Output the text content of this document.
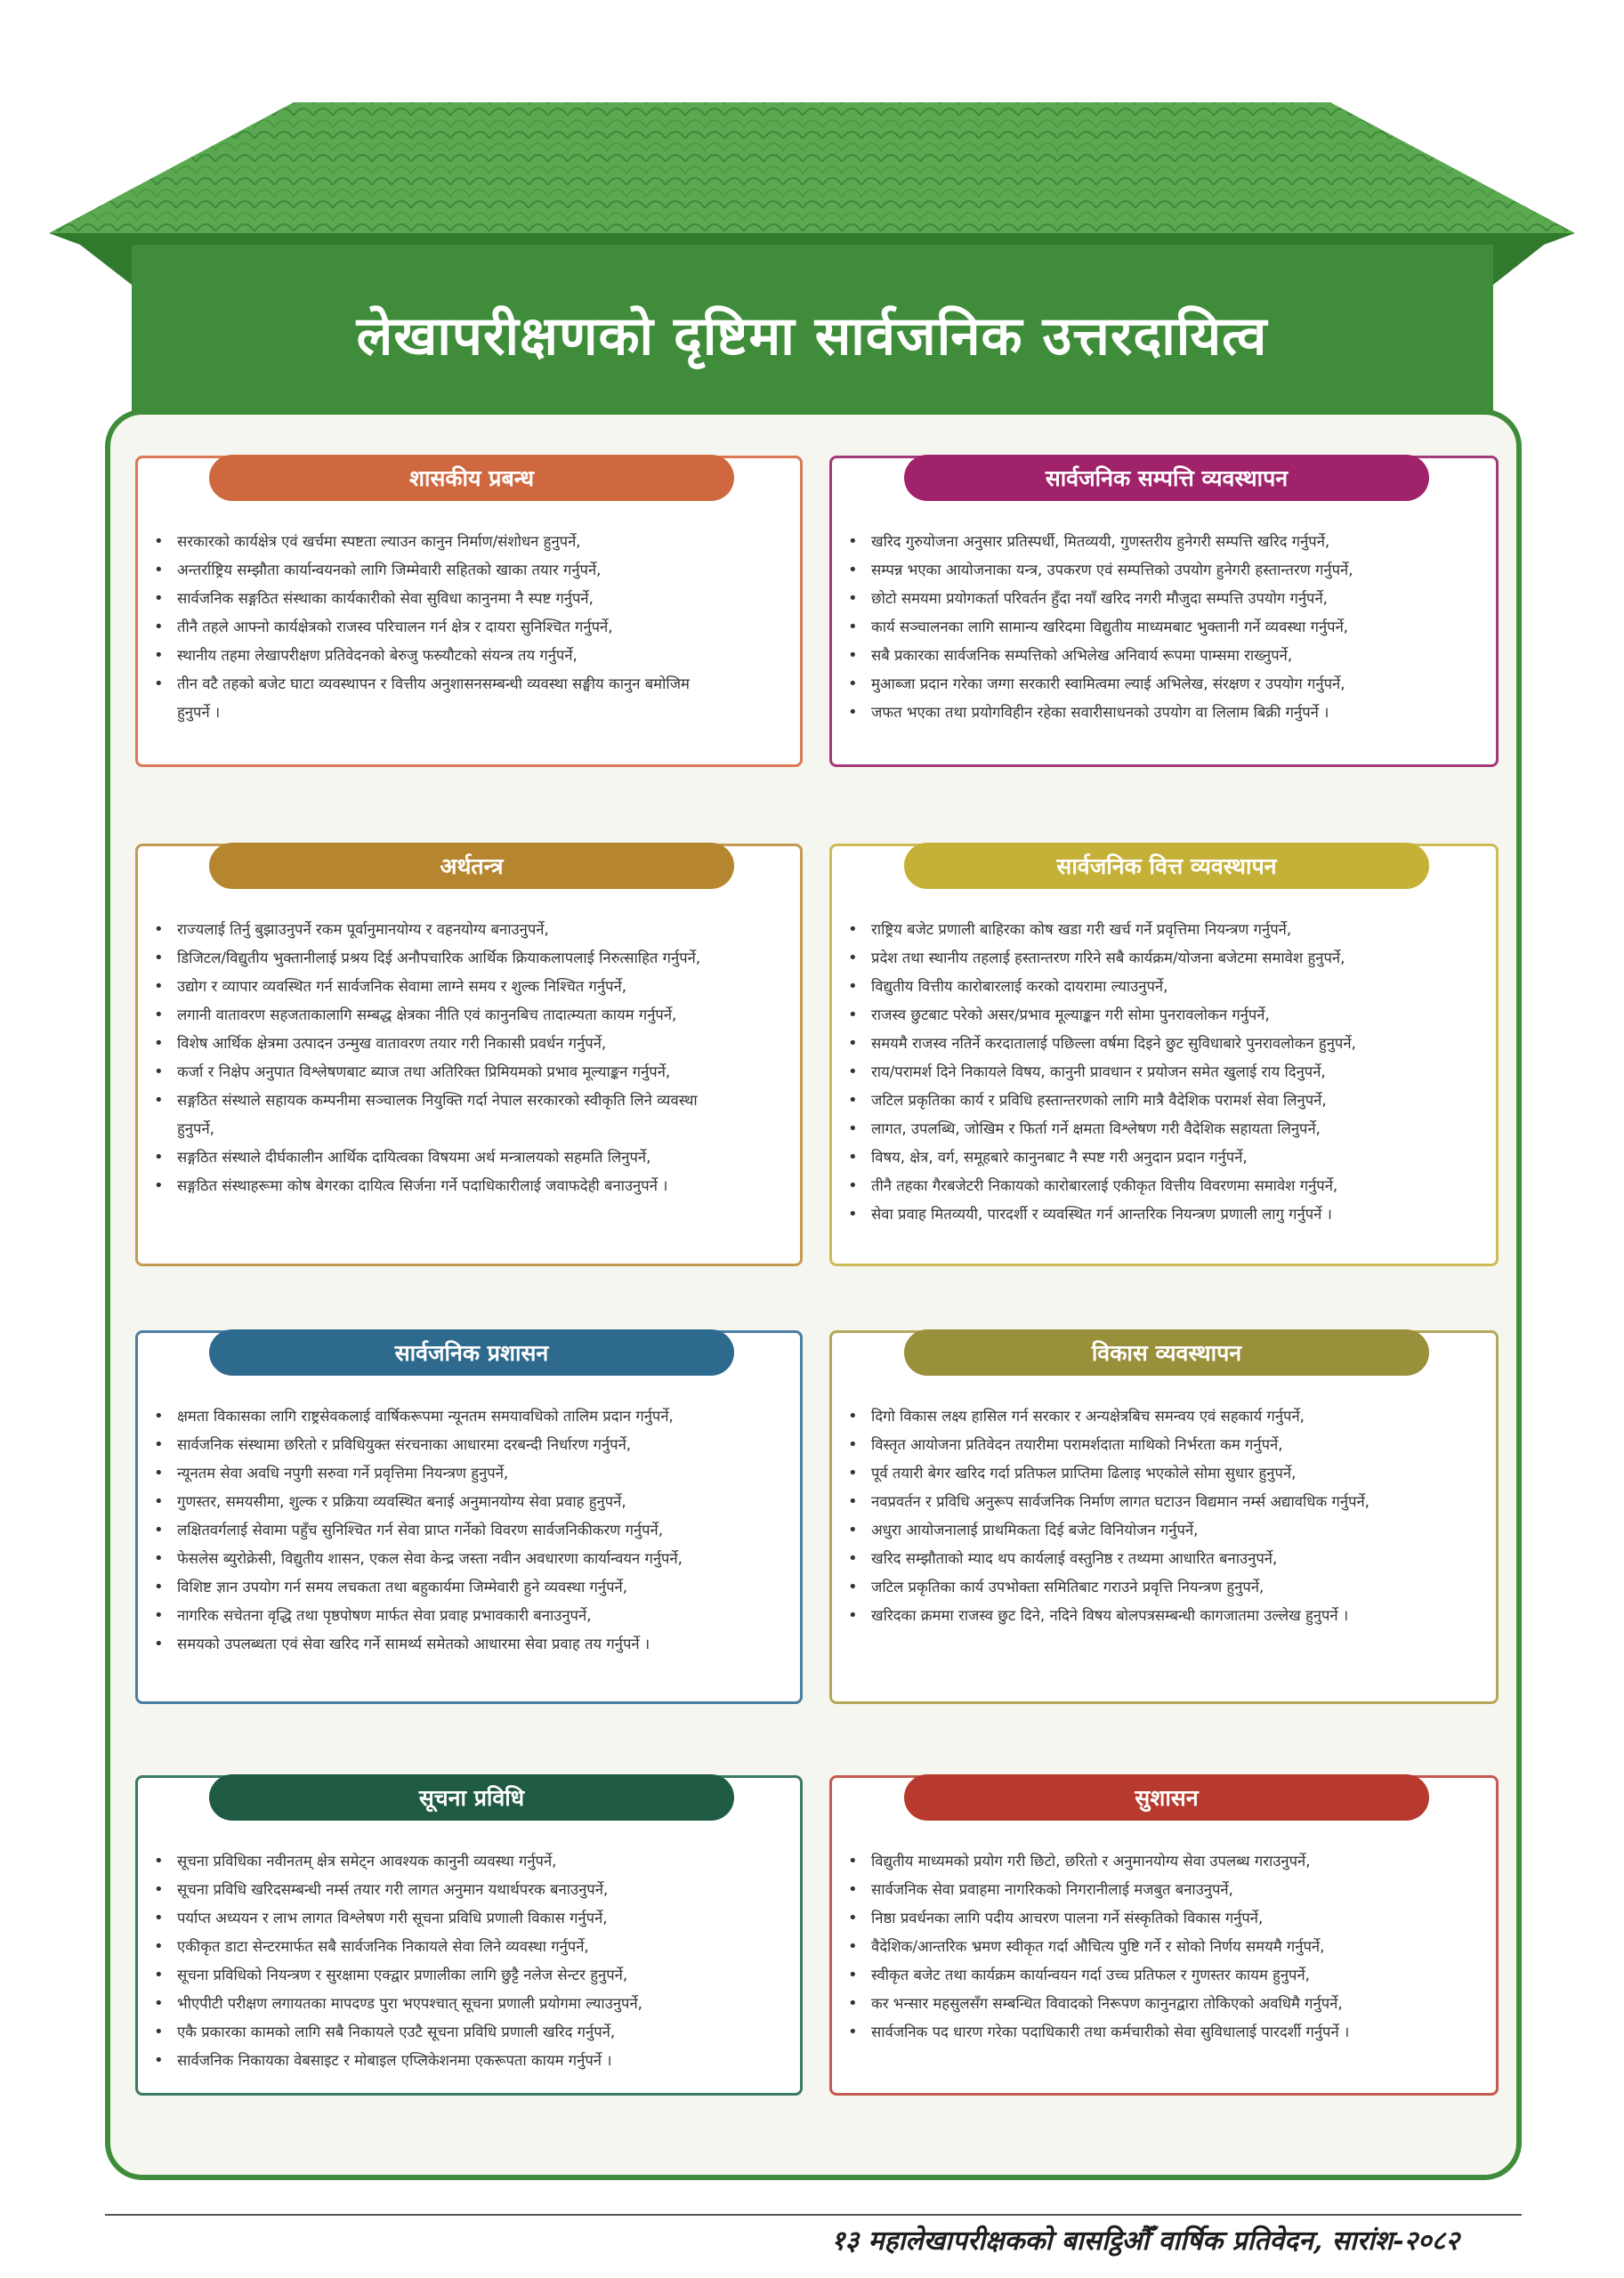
लेखापरीक्षणको दृष्टिमा सार्वजनिक उत्तरदायित्व
शासकीय प्रबन्ध
• सरकारको कार्यक्षेत्र एवं खर्चमा स्पष्टता ल्याउन कानुन निर्माण/संशोधन हुनुपर्ने,
• अन्तर्राष्ट्रिय सम्झौता कार्यान्वयनको लागि जिम्मेवारी सहितको खाका तयार गर्नुपर्ने,
• सार्वजनिक सङ्गठित संस्थाका कार्यकारीको सेवा सुविधा कानुनमा नै स्पष्ट गर्नुपर्ने,
• तीनै तहले आफ्नो कार्यक्षेत्रको राजस्व परिचालन गर्न क्षेत्र र दायरा सुनिश्चित गर्नुपर्ने,
• स्थानीय तहमा लेखापरीक्षण प्रतिवेदनको बेरुजु फस्र्यौटको संयन्त्र तय गर्नुपर्ने,
• तीन वटै तहको बजेट घाटा व्यवस्थापन र वित्तीय अनुशासनसम्बन्धी व्यवस्था सङ्घीय कानुन बमोजिम
हुनुपर्ने ।
सार्वजनिक सम्पत्ति व्यवस्थापन
• खरिद गुरुयोजना अनुसार प्रतिस्पर्धी, मितव्ययी, गुणस्तरीय हुनेगरी सम्पत्ति खरिद गर्नुपर्ने,
• सम्पन्न भएका आयोजनाका यन्त्र, उपकरण एवं सम्पत्तिको उपयोग हुनेगरी हस्तान्तरण गर्नुपर्ने,
• छोटो समयमा प्रयोगकर्ता परिवर्तन हुँदा नयाँ खरिद नगरी मौजुदा सम्पत्ति उपयोग गर्नुपर्ने,
• कार्य सञ्चालनका लागि सामान्य खरिदमा विद्युतीय माध्यमबाट भुक्तानी गर्ने व्यवस्था गर्नुपर्ने,
• सबै प्रकारका सार्वजनिक सम्पत्तिको अभिलेख अनिवार्य रूपमा पाम्समा राख्नुपर्ने,
• मुआब्जा प्रदान गरेका जग्गा सरकारी स्वामित्वमा ल्याई अभिलेख, संरक्षण र उपयोग गर्नुपर्ने,
• जफत भएका तथा प्रयोगविहीन रहेका सवारीसाधनको उपयोग वा लिलाम बिक्री गर्नुपर्ने ।
अर्थतन्त्र
• राज्यलाई तिर्नु बुझाउनुपर्ने रकम पूर्वानुमानयोग्य र वहनयोग्य बनाउनुपर्ने,
• डिजिटल/विद्युतीय भुक्तानीलाई प्रश्रय दिई अनौपचारिक आर्थिक क्रियाकलापलाई निरुत्साहित गर्नुपर्ने,
• उद्योग र व्यापार व्यवस्थित गर्न सार्वजनिक सेवामा लाग्ने समय र शुल्क निश्चित गर्नुपर्ने,
• लगानी वातावरण सहजताकालागि सम्बद्ध क्षेत्रका नीति एवं कानुनबिच तादात्म्यता कायम गर्नुपर्ने,
• विशेष आर्थिक क्षेत्रमा उत्पादन उन्मुख वातावरण तयार गरी निकासी प्रवर्धन गर्नुपर्ने,
• कर्जा र निक्षेप अनुपात विश्लेषणबाट ब्याज तथा अतिरिक्त प्रिमियमको प्रभाव मूल्याङ्कन गर्नुपर्ने,
• सङ्गठित संस्थाले सहायक कम्पनीमा सञ्चालक नियुक्ति गर्दा नेपाल सरकारको स्वीकृति लिने व्यवस्था
हुनुपर्ने,
• सङ्गठित संस्थाले दीर्घकालीन आर्थिक दायित्वका विषयमा अर्थ मन्त्रालयको सहमति लिनुपर्ने,
• सङ्गठित संस्थाहरूमा कोष बेगरका दायित्व सिर्जना गर्ने पदाधिकारीलाई जवाफदेही बनाउनुपर्ने ।
सार्वजनिक वित्त व्यवस्थापन
• राष्ट्रिय बजेट प्रणाली बाहिरका कोष खडा गरी खर्च गर्ने प्रवृत्तिमा नियन्त्रण गर्नुपर्ने,
• प्रदेश तथा स्थानीय तहलाई हस्तान्तरण गरिने सबै कार्यक्रम/योजना बजेटमा समावेश हुनुपर्ने,
• विद्युतीय वित्तीय कारोबारलाई करको दायरामा ल्याउनुपर्ने,
• राजस्व छुटबाट परेको असर/प्रभाव मूल्याङ्कन गरी सोमा पुनरावलोकन गर्नुपर्ने,
• समयमै राजस्व नतिर्ने करदातालाई पछिल्ला वर्षमा दिइने छुट सुविधाबारे पुनरावलोकन हुनुपर्ने,
• राय/परामर्श दिने निकायले विषय, कानुनी प्रावधान र प्रयोजन समेत खुलाई राय दिनुपर्ने,
• जटिल प्रकृतिका कार्य र प्रविधि हस्तान्तरणको लागि मात्रै वैदेशिक परामर्श सेवा लिनुपर्ने,
• लागत, उपलब्धि, जोखिम र फिर्ता गर्ने क्षमता विश्लेषण गरी वैदेशिक सहायता लिनुपर्ने,
• विषय, क्षेत्र, वर्ग, समूहबारे कानुनबाट नै स्पष्ट गरी अनुदान प्रदान गर्नुपर्ने,
• तीनै तहका गैरबजेटरी निकायको कारोबारलाई एकीकृत वित्तीय विवरणमा समावेश गर्नुपर्ने,
• सेवा प्रवाह मितव्ययी, पारदर्शी र व्यवस्थित गर्न आन्तरिक नियन्त्रण प्रणाली लागु गर्नुपर्ने ।
सार्वजनिक प्रशासन
• क्षमता विकासका लागि राष्ट्रसेवकलाई वार्षिकरूपमा न्यूनतम समयावधिको तालिम प्रदान गर्नुपर्ने,
• सार्वजनिक संस्थामा छरितो र प्रविधियुक्त संरचनाका आधारमा दरबन्दी निर्धारण गर्नुपर्ने,
• न्यूनतम सेवा अवधि नपुगी सरुवा गर्ने प्रवृत्तिमा नियन्त्रण हुनुपर्ने,
• गुणस्तर, समयसीमा, शुल्क र प्रक्रिया व्यवस्थित बनाई अनुमानयोग्य सेवा प्रवाह हुनुपर्ने,
• लक्षितवर्गलाई सेवामा पहुँच सुनिश्चित गर्न सेवा प्राप्त गर्नेको विवरण सार्वजनिकीकरण गर्नुपर्ने,
• फेसलेस ब्युरोक्रेसी, विद्युतीय शासन, एकल सेवा केन्द्र जस्ता नवीन अवधारणा कार्यान्वयन गर्नुपर्ने,
• विशिष्ट ज्ञान उपयोग गर्न समय लचकता तथा बहुकार्यमा जिम्मेवारी हुने व्यवस्था गर्नुपर्ने,
• नागरिक सचेतना वृद्धि तथा पृष्ठपोषण मार्फत सेवा प्रवाह प्रभावकारी बनाउनुपर्ने,
• समयको उपलब्धता एवं सेवा खरिद गर्ने सामर्थ्य समेतको आधारमा सेवा प्रवाह तय गर्नुपर्ने ।
विकास व्यवस्थापन
• दिगो विकास लक्ष्य हासिल गर्न सरकार र अन्यक्षेत्रबिच समन्वय एवं सहकार्य गर्नुपर्ने,
• विस्तृत आयोजना प्रतिवेदन तयारीमा परामर्शदाता माथिको निर्भरता कम गर्नुपर्ने,
• पूर्व तयारी बेगर खरिद गर्दा प्रतिफल प्राप्तिमा ढिलाइ भएकोले सोमा सुधार हुनुपर्ने,
• नवप्रवर्तन र प्रविधि अनुरूप सार्वजनिक निर्माण लागत घटाउन विद्यमान नर्म्स अद्यावधिक गर्नुपर्ने,
• अधुरा आयोजनालाई प्राथमिकता दिई बजेट विनियोजन गर्नुपर्ने,
• खरिद सम्झौताको म्याद थप कार्यलाई वस्तुनिष्ठ र तथ्यमा आधारित बनाउनुपर्ने,
• जटिल प्रकृतिका कार्य उपभोक्ता समितिबाट गराउने प्रवृत्ति नियन्त्रण हुनुपर्ने,
• खरिदका क्रममा राजस्व छुट दिने, नदिने विषय बोलपत्रसम्बन्धी कागजातमा उल्लेख हुनुपर्ने ।
सूचना प्रविधि
• सूचना प्रविधिका नवीनतम् क्षेत्र समेट्न आवश्यक कानुनी व्यवस्था गर्नुपर्ने,
• सूचना प्रविधि खरिदसम्बन्धी नर्म्स तयार गरी लागत अनुमान यथार्थपरक बनाउनुपर्ने,
• पर्याप्त अध्ययन र लाभ लागत विश्लेषण गरी सूचना प्रविधि प्रणाली विकास गर्नुपर्ने,
• एकीकृत डाटा सेन्टरमार्फत सबै सार्वजनिक निकायले सेवा लिने व्यवस्था गर्नुपर्ने,
• सूचना प्रविधिको नियन्त्रण र सुरक्षामा एक्द्वार प्रणालीका लागि छुट्टै नलेज सेन्टर हुनुपर्ने,
• भीएपीटी परीक्षण लगायतका मापदण्ड पुरा भएपश्चात् सूचना प्रणाली प्रयोगमा ल्याउनुपर्ने,
• एकै प्रकारका कामको लागि सबै निकायले एउटै सूचना प्रविधि प्रणाली खरिद गर्नुपर्ने,
• सार्वजनिक निकायका वेबसाइट र मोबाइल एप्लिकेशनमा एकरूपता कायम गर्नुपर्ने ।
सुशासन
• विद्युतीय माध्यमको प्रयोग गरी छिटो, छरितो र अनुमानयोग्य सेवा उपलब्ध गराउनुपर्ने,
• सार्वजनिक सेवा प्रवाहमा नागरिकको निगरानीलाई मजबुत बनाउनुपर्ने,
• निष्ठा प्रवर्धनका लागि पदीय आचरण पालना गर्ने संस्कृतिको विकास गर्नुपर्ने,
• वैदेशिक/आन्तरिक भ्रमण स्वीकृत गर्दा औचित्य पुष्टि गर्ने र सोको निर्णय समयमै गर्नुपर्ने,
• स्वीकृत बजेट तथा कार्यक्रम कार्यान्वयन गर्दा उच्च प्रतिफल र गुणस्तर कायम हुनुपर्ने,
• कर भन्सार महसुलसँग सम्बन्धित विवादको निरूपण कानुनद्वारा तोकिएको अवधिमै गर्नुपर्ने,
• सार्वजनिक पद धारण गरेका पदाधिकारी तथा कर्मचारीको सेवा सुविधालाई पारदर्शी गर्नुपर्ने ।
१३ महालेखापरीक्षकको बासट्ठिऔँ वार्षिक प्रतिवेदन, सारांश-२०८२
